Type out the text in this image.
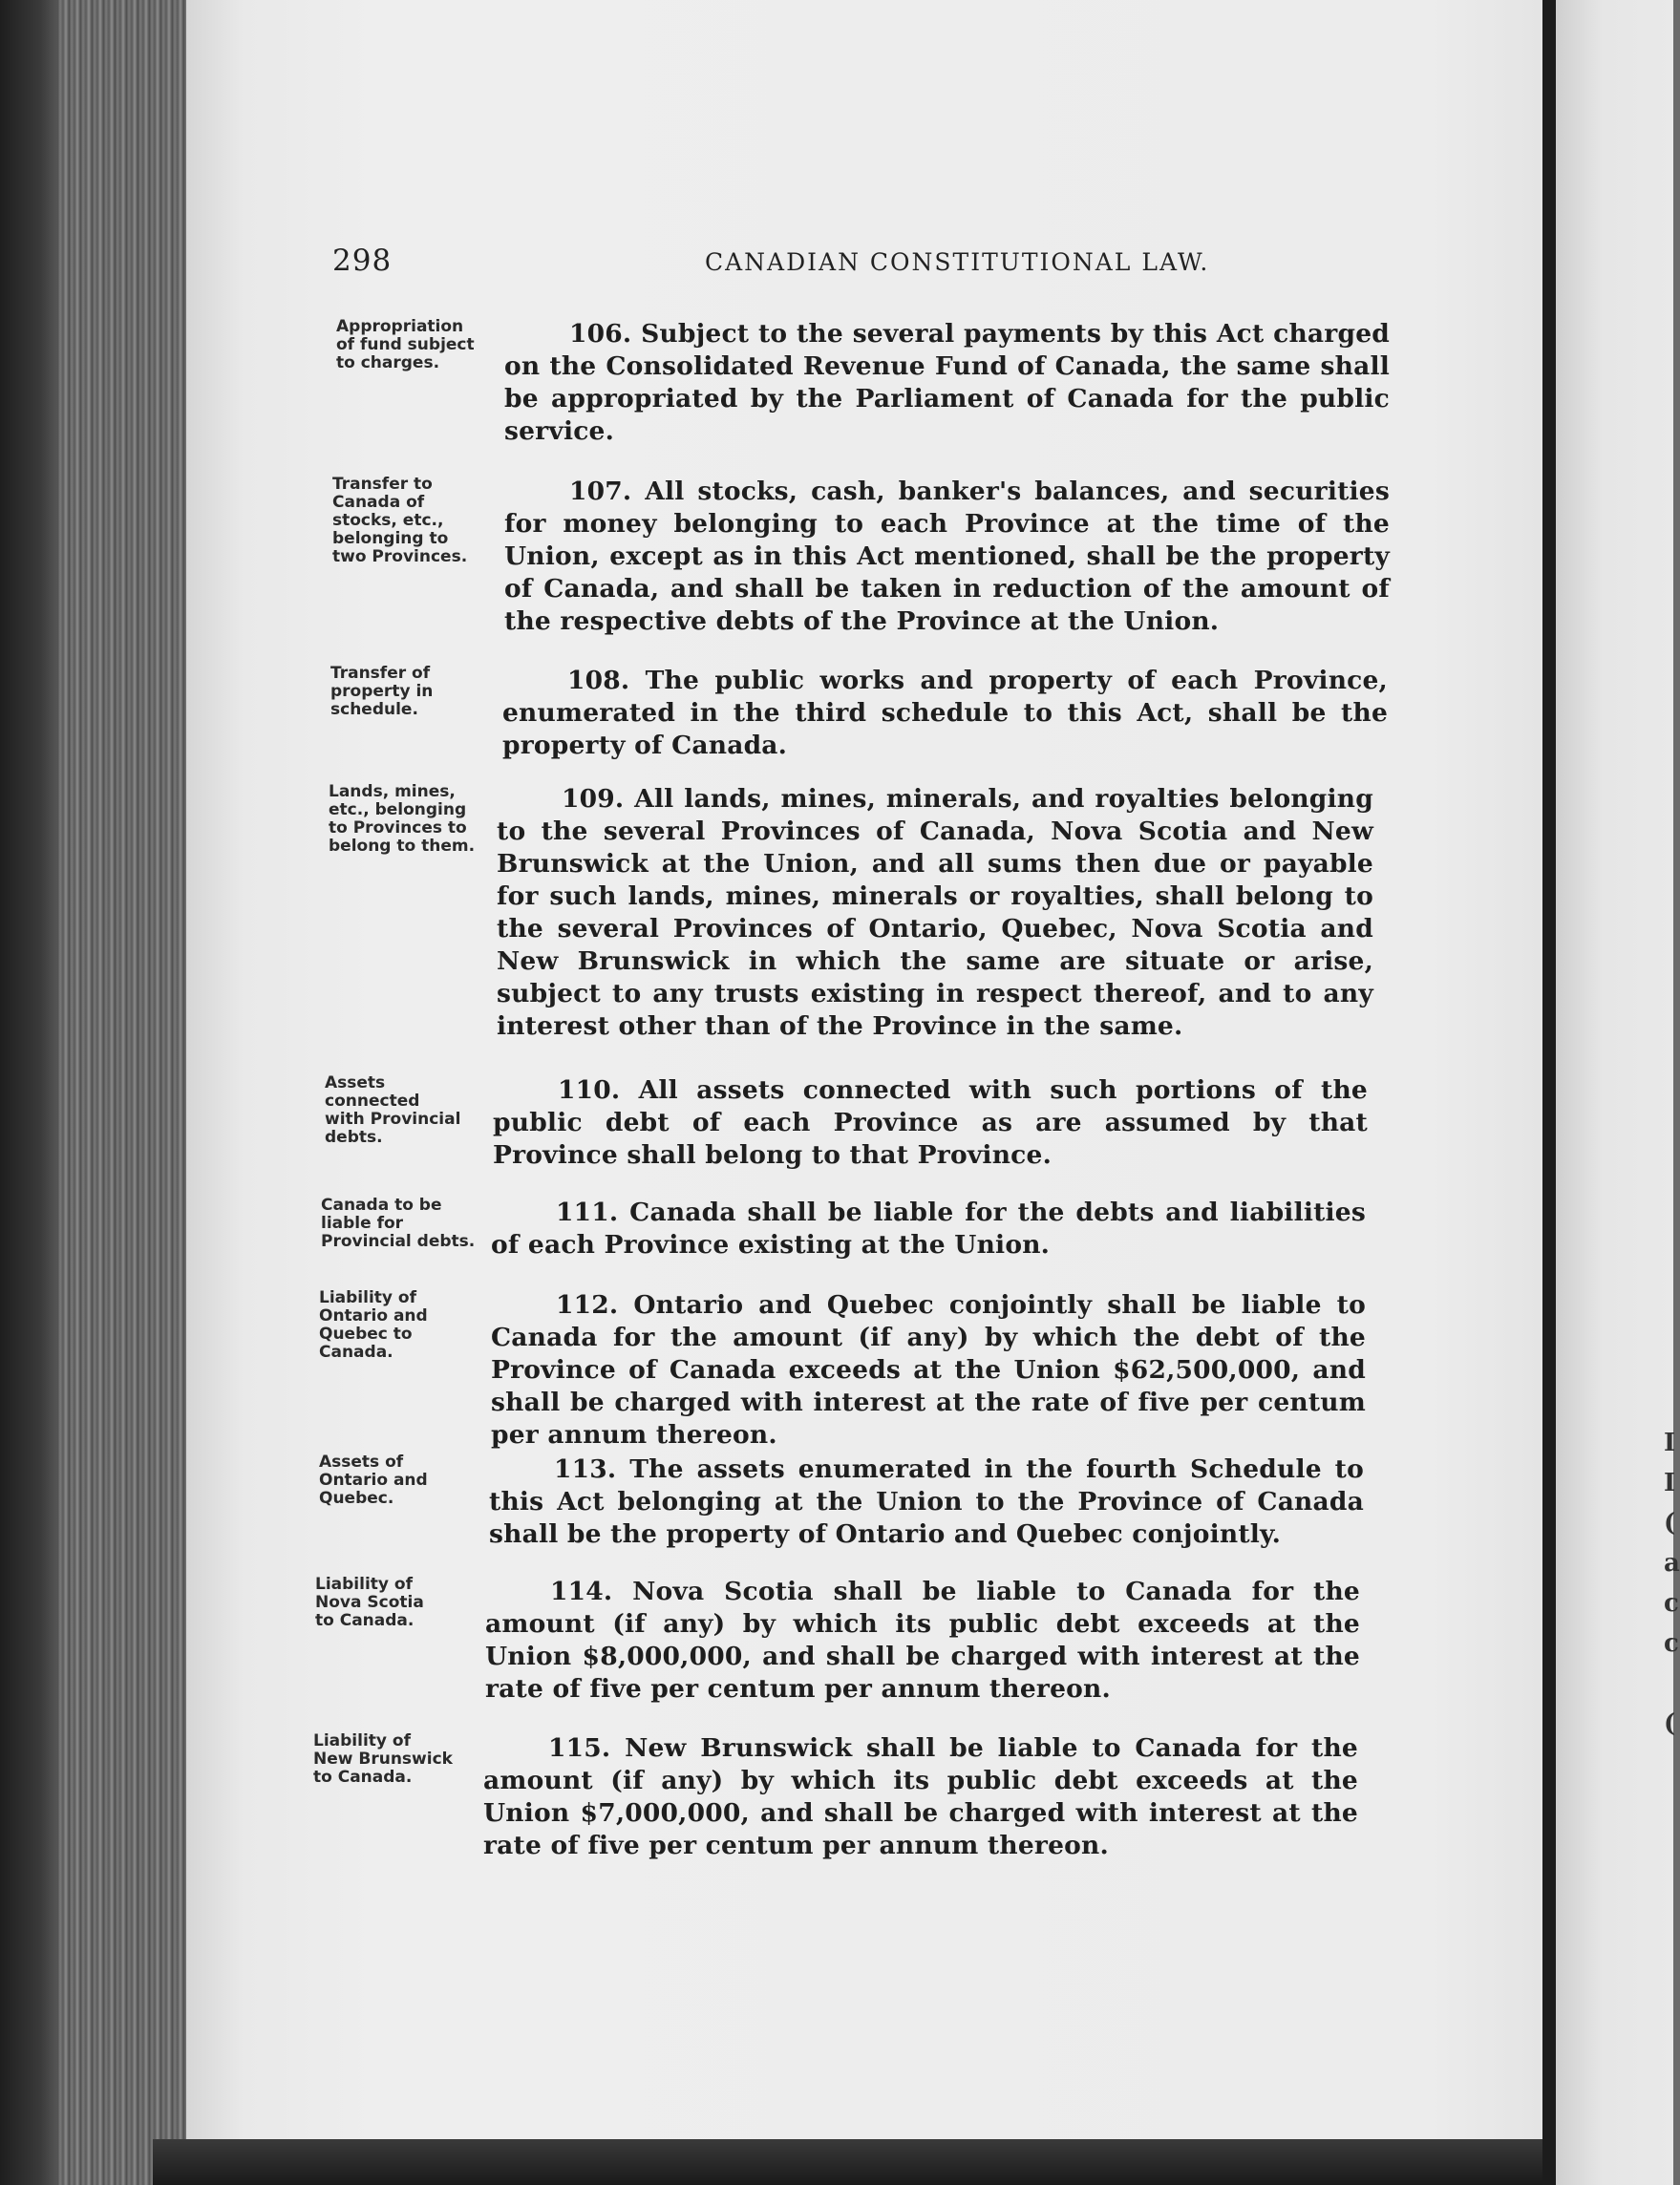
I
I
(
a
c
c
(
298	CANADIAN CONSTITUTIONAL LAW.
Appropriation
of fund subject
to charges.

106. Subject to the several payments by this Act charged on the Consolidated Revenue Fund of Canada, the same shall be appropriated by the Parliament of Canada for the public service.

Transfer to
Canada of
stocks, etc.,
belonging to
two Provinces.

107. All stocks, cash, banker's balances, and securities for money belonging to each Province at the time of the Union, except as in this Act mentioned, shall be the property of Canada, and shall be taken in reduction of the amount of the respective debts of the Province at the Union.

Transfer of
property in
schedule.

108. The public works and property of each Province, enumerated in the third schedule to this Act, shall be the property of Canada.

Lands, mines,
etc., belonging
to Provinces to
belong to them.

109. All lands, mines, minerals, and royalties belonging to the several Provinces of Canada, Nova Scotia and New Brunswick at the Union, and all sums then due or payable for such lands, mines, minerals or royalties, shall belong to the several Provinces of Ontario, Quebec, Nova Scotia and New Brunswick in which the same are situate or arise, subject to any trusts existing in respect thereof, and to any interest other than of the Province in the same.

Assets
connected
with Provincial
debts.

110. All assets connected with such portions of the public debt of each Province as are assumed by that Province shall belong to that Province.

Canada to be
liable for
Provincial debts.

111. Canada shall be liable for the debts and liabilities of each Province existing at the Union.

Liability of
Ontario and
Quebec to
Canada.

112. Ontario and Quebec conjointly shall be liable to Canada for the amount (if any) by which the debt of the Province of Canada exceeds at the Union $62,500,000, and shall be charged with interest at the rate of five per centum per annum thereon.

Assets of
Ontario and
Quebec.

113. The assets enumerated in the fourth Schedule to this Act belonging at the Union to the Province of Canada shall be the property of Ontario and Quebec conjointly.

Liability of
Nova Scotia
to Canada.

114. Nova Scotia shall be liable to Canada for the amount (if any) by which its public debt exceeds at the Union $8,000,000, and shall be charged with interest at the rate of five per centum per annum thereon.

Liability of
New Brunswick
to Canada.

115. New Brunswick shall be liable to Canada for the amount (if any) by which its public debt exceeds at the Union $7,000,000, and shall be charged with interest at the rate of five per centum per annum thereon.
